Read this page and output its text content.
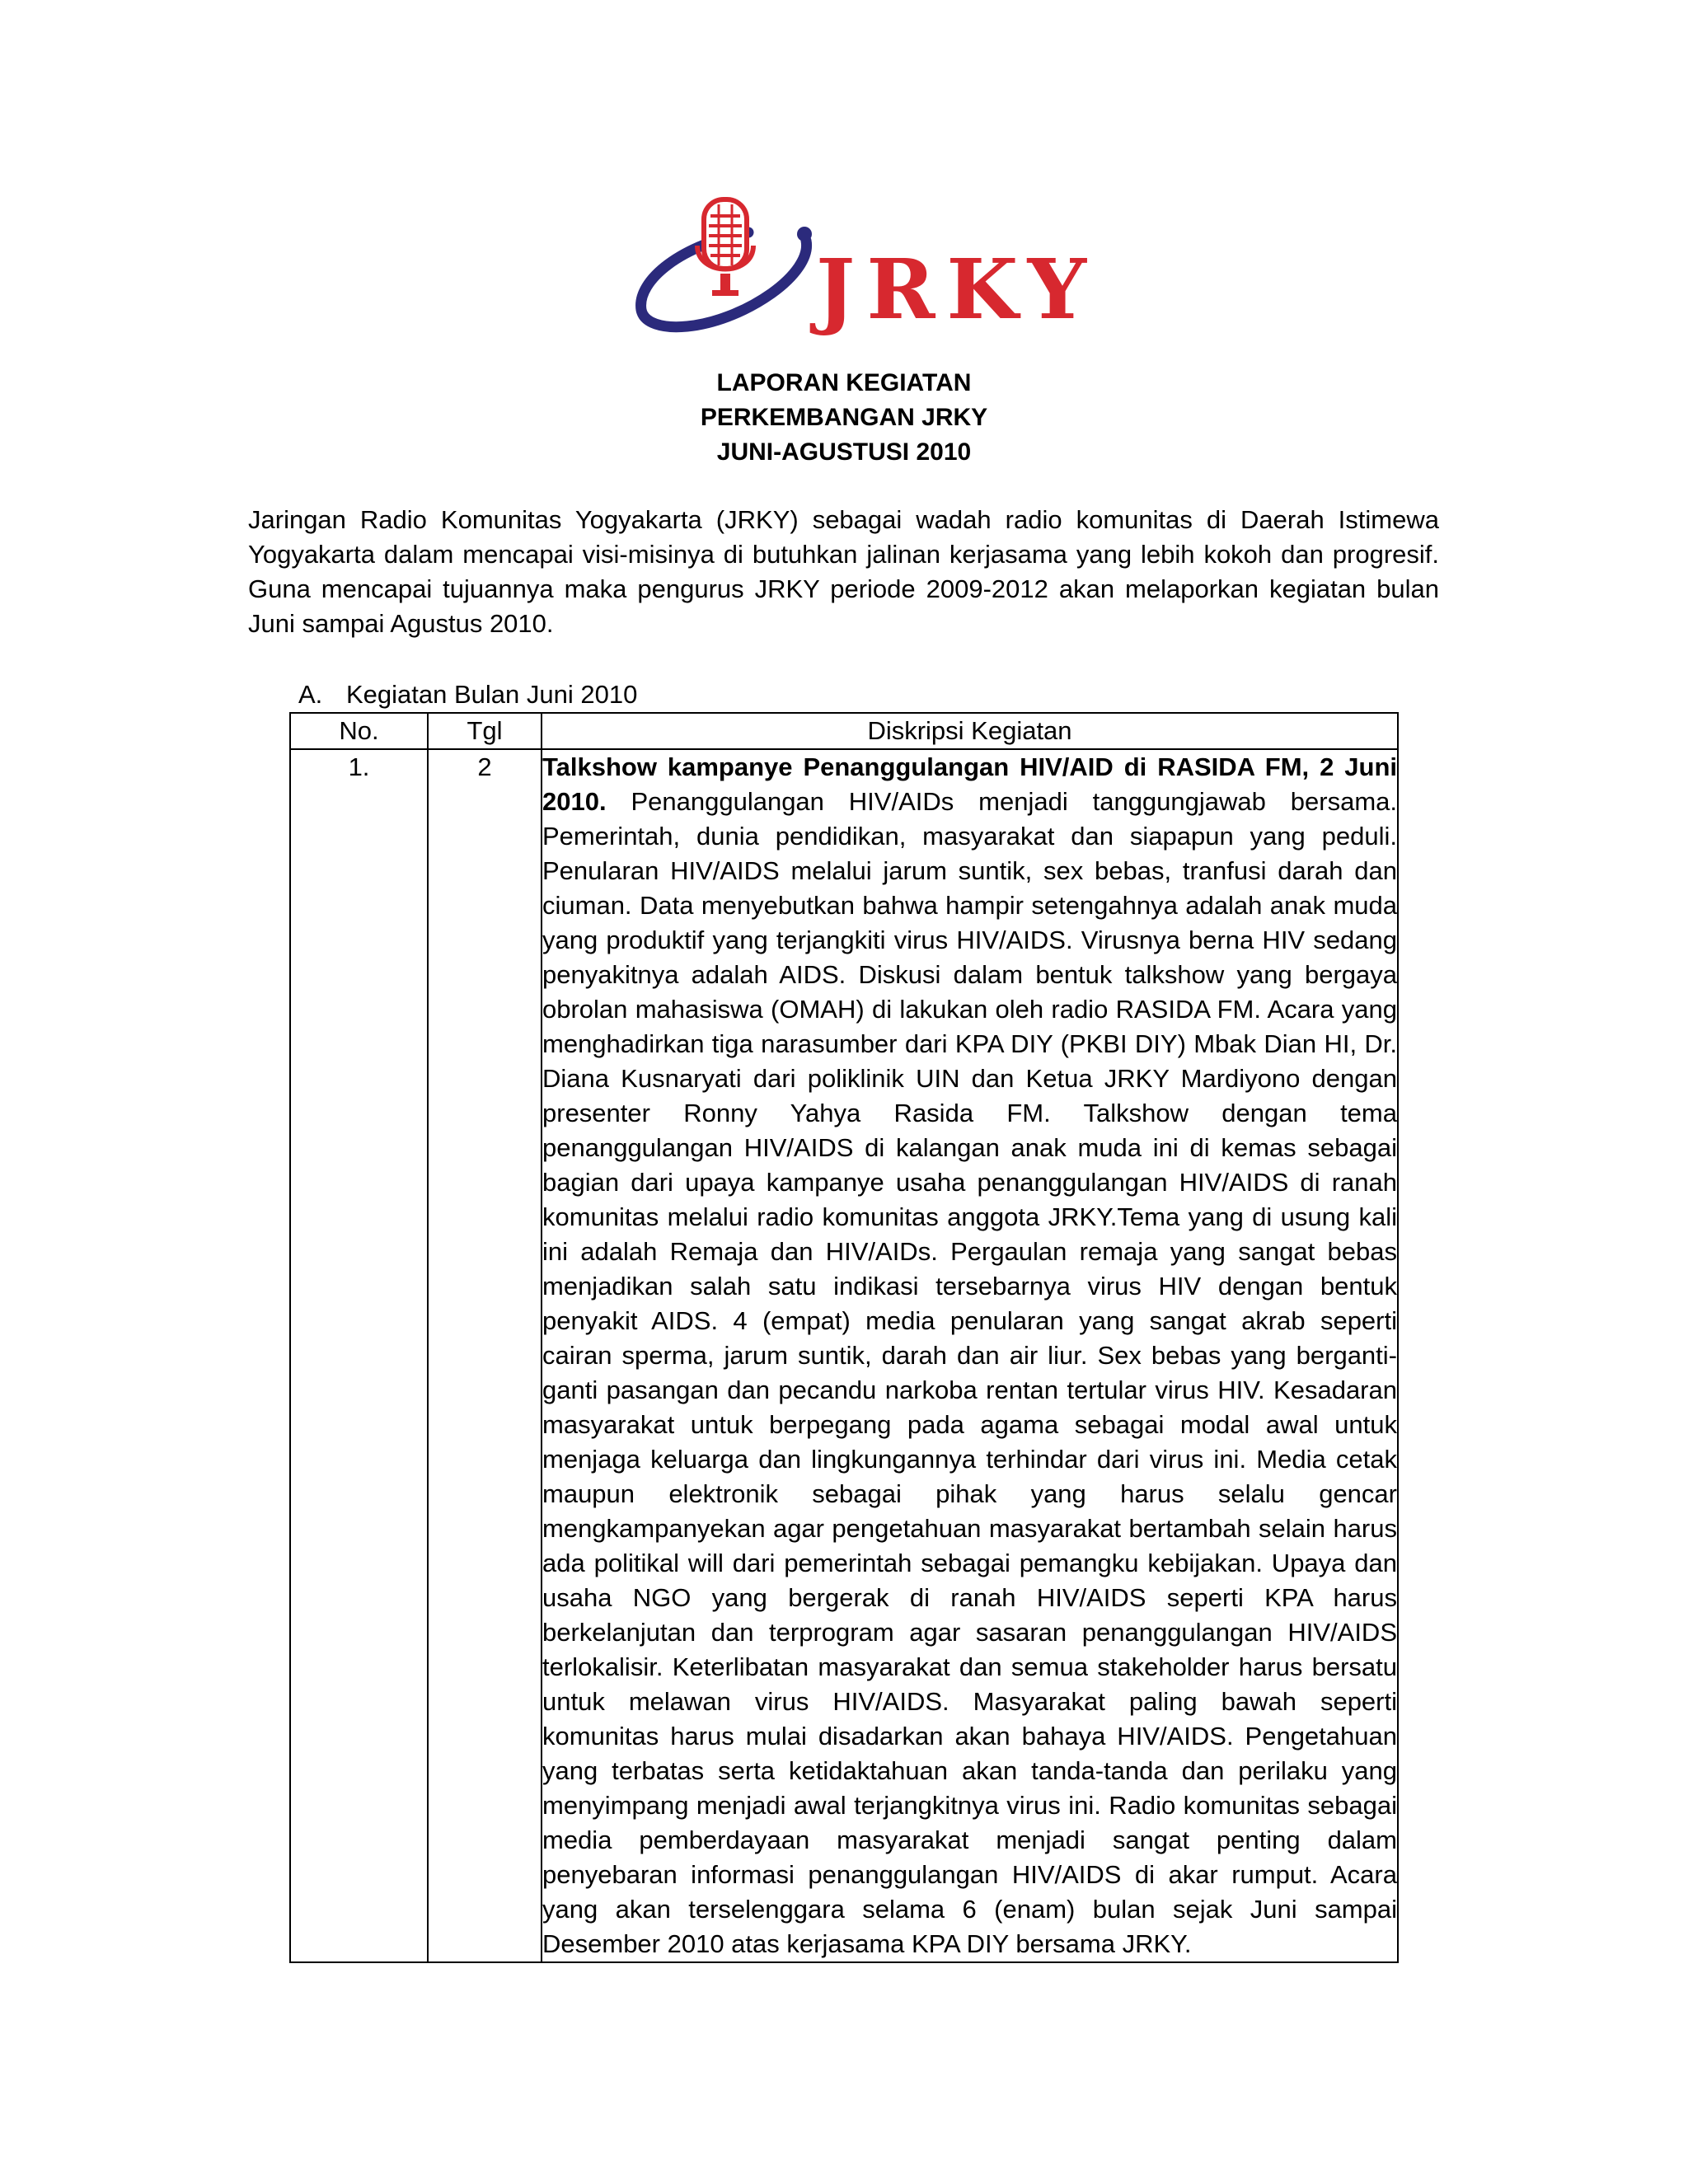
JRKY
LAPORAN KEGIATAN
PERKEMBANGAN JRKY
JUNI-AGUSTUSI 2010
Jaringan Radio Komunitas Yogyakarta (JRKY) sebagai wadah radio komunitas di Daerah Istimewa Yogyakarta dalam mencapai visi-misinya di butuhkan jalinan kerjasama yang lebih kokoh dan progresif. Guna mencapai tujuannya maka pengurus JRKY periode 2009-2012 akan melaporkan kegiatan bulan Juni sampai Agustus 2010.
A. Kegiatan Bulan Juni 2010
No.	Tgl	Diskripsi Kegiatan
1.	2	Talkshow kampanye Penanggulangan HIV/AID di RASIDA FM, 2 Juni 2010. Penanggulangan HIV/AIDs menjadi tanggungjawab bersama. Pemerintah, dunia pendidikan, masyarakat dan siapapun yang peduli. Penularan HIV/AIDS melalui jarum suntik, sex bebas, tranfusi darah dan ciuman. Data menyebutkan bahwa hampir setengahnya adalah anak muda yang produktif yang terjangkiti virus HIV/AIDS. Virusnya berna HIV sedang penyakitnya adalah AIDS. Diskusi dalam bentuk talkshow yang bergaya obrolan mahasiswa (OMAH) di lakukan oleh radio RASIDA FM. Acara yang menghadirkan tiga narasumber dari KPA DIY (PKBI DIY) Mbak Dian HI, Dr. Diana Kusnaryati dari poliklinik UIN dan Ketua JRKY Mardiyono dengan presenter Ronny Yahya Rasida FM. Talkshow dengan tema penanggulangan HIV/AIDS di kalangan anak muda ini di kemas sebagai bagian dari upaya kampanye usaha penanggulangan HIV/AIDS di ranah komunitas melalui radio komunitas anggota JRKY.Tema yang di usung kali ini adalah Remaja dan HIV/AIDs. Pergaulan remaja yang sangat bebas menjadikan salah satu indikasi tersebarnya virus HIV dengan bentuk penyakit AIDS. 4 (empat) media penularan yang sangat akrab seperti cairan sperma, jarum suntik, darah dan air liur. Sex bebas yang berganti-ganti pasangan dan pecandu narkoba rentan tertular virus HIV. Kesadaran masyarakat untuk berpegang pada agama sebagai modal awal untuk menjaga keluarga dan lingkungannya terhindar dari virus ini. Media cetak maupun elektronik sebagai pihak yang harus selalu gencar mengkampanyekan agar pengetahuan masyarakat bertambah selain harus ada politikal will dari pemerintah sebagai pemangku kebijakan. Upaya dan usaha NGO yang bergerak di ranah HIV/AIDS seperti KPA harus berkelanjutan dan terprogram agar sasaran penanggulangan HIV/AIDS terlokalisir. Keterlibatan masyarakat dan semua stakeholder harus bersatu untuk melawan virus HIV/AIDS. Masyarakat paling bawah seperti komunitas harus mulai disadarkan akan bahaya HIV/AIDS. Pengetahuan yang terbatas serta ketidaktahuan akan tanda-tanda dan perilaku yang menyimpang menjadi awal terjangkitnya virus ini. Radio komunitas sebagai media pemberdayaan masyarakat menjadi sangat penting dalam penyebaran informasi penanggulangan HIV/AIDS di akar rumput. Acara yang akan terselenggara selama 6 (enam) bulan sejak Juni sampai Desember 2010 atas kerjasama KPA DIY bersama JRKY.
